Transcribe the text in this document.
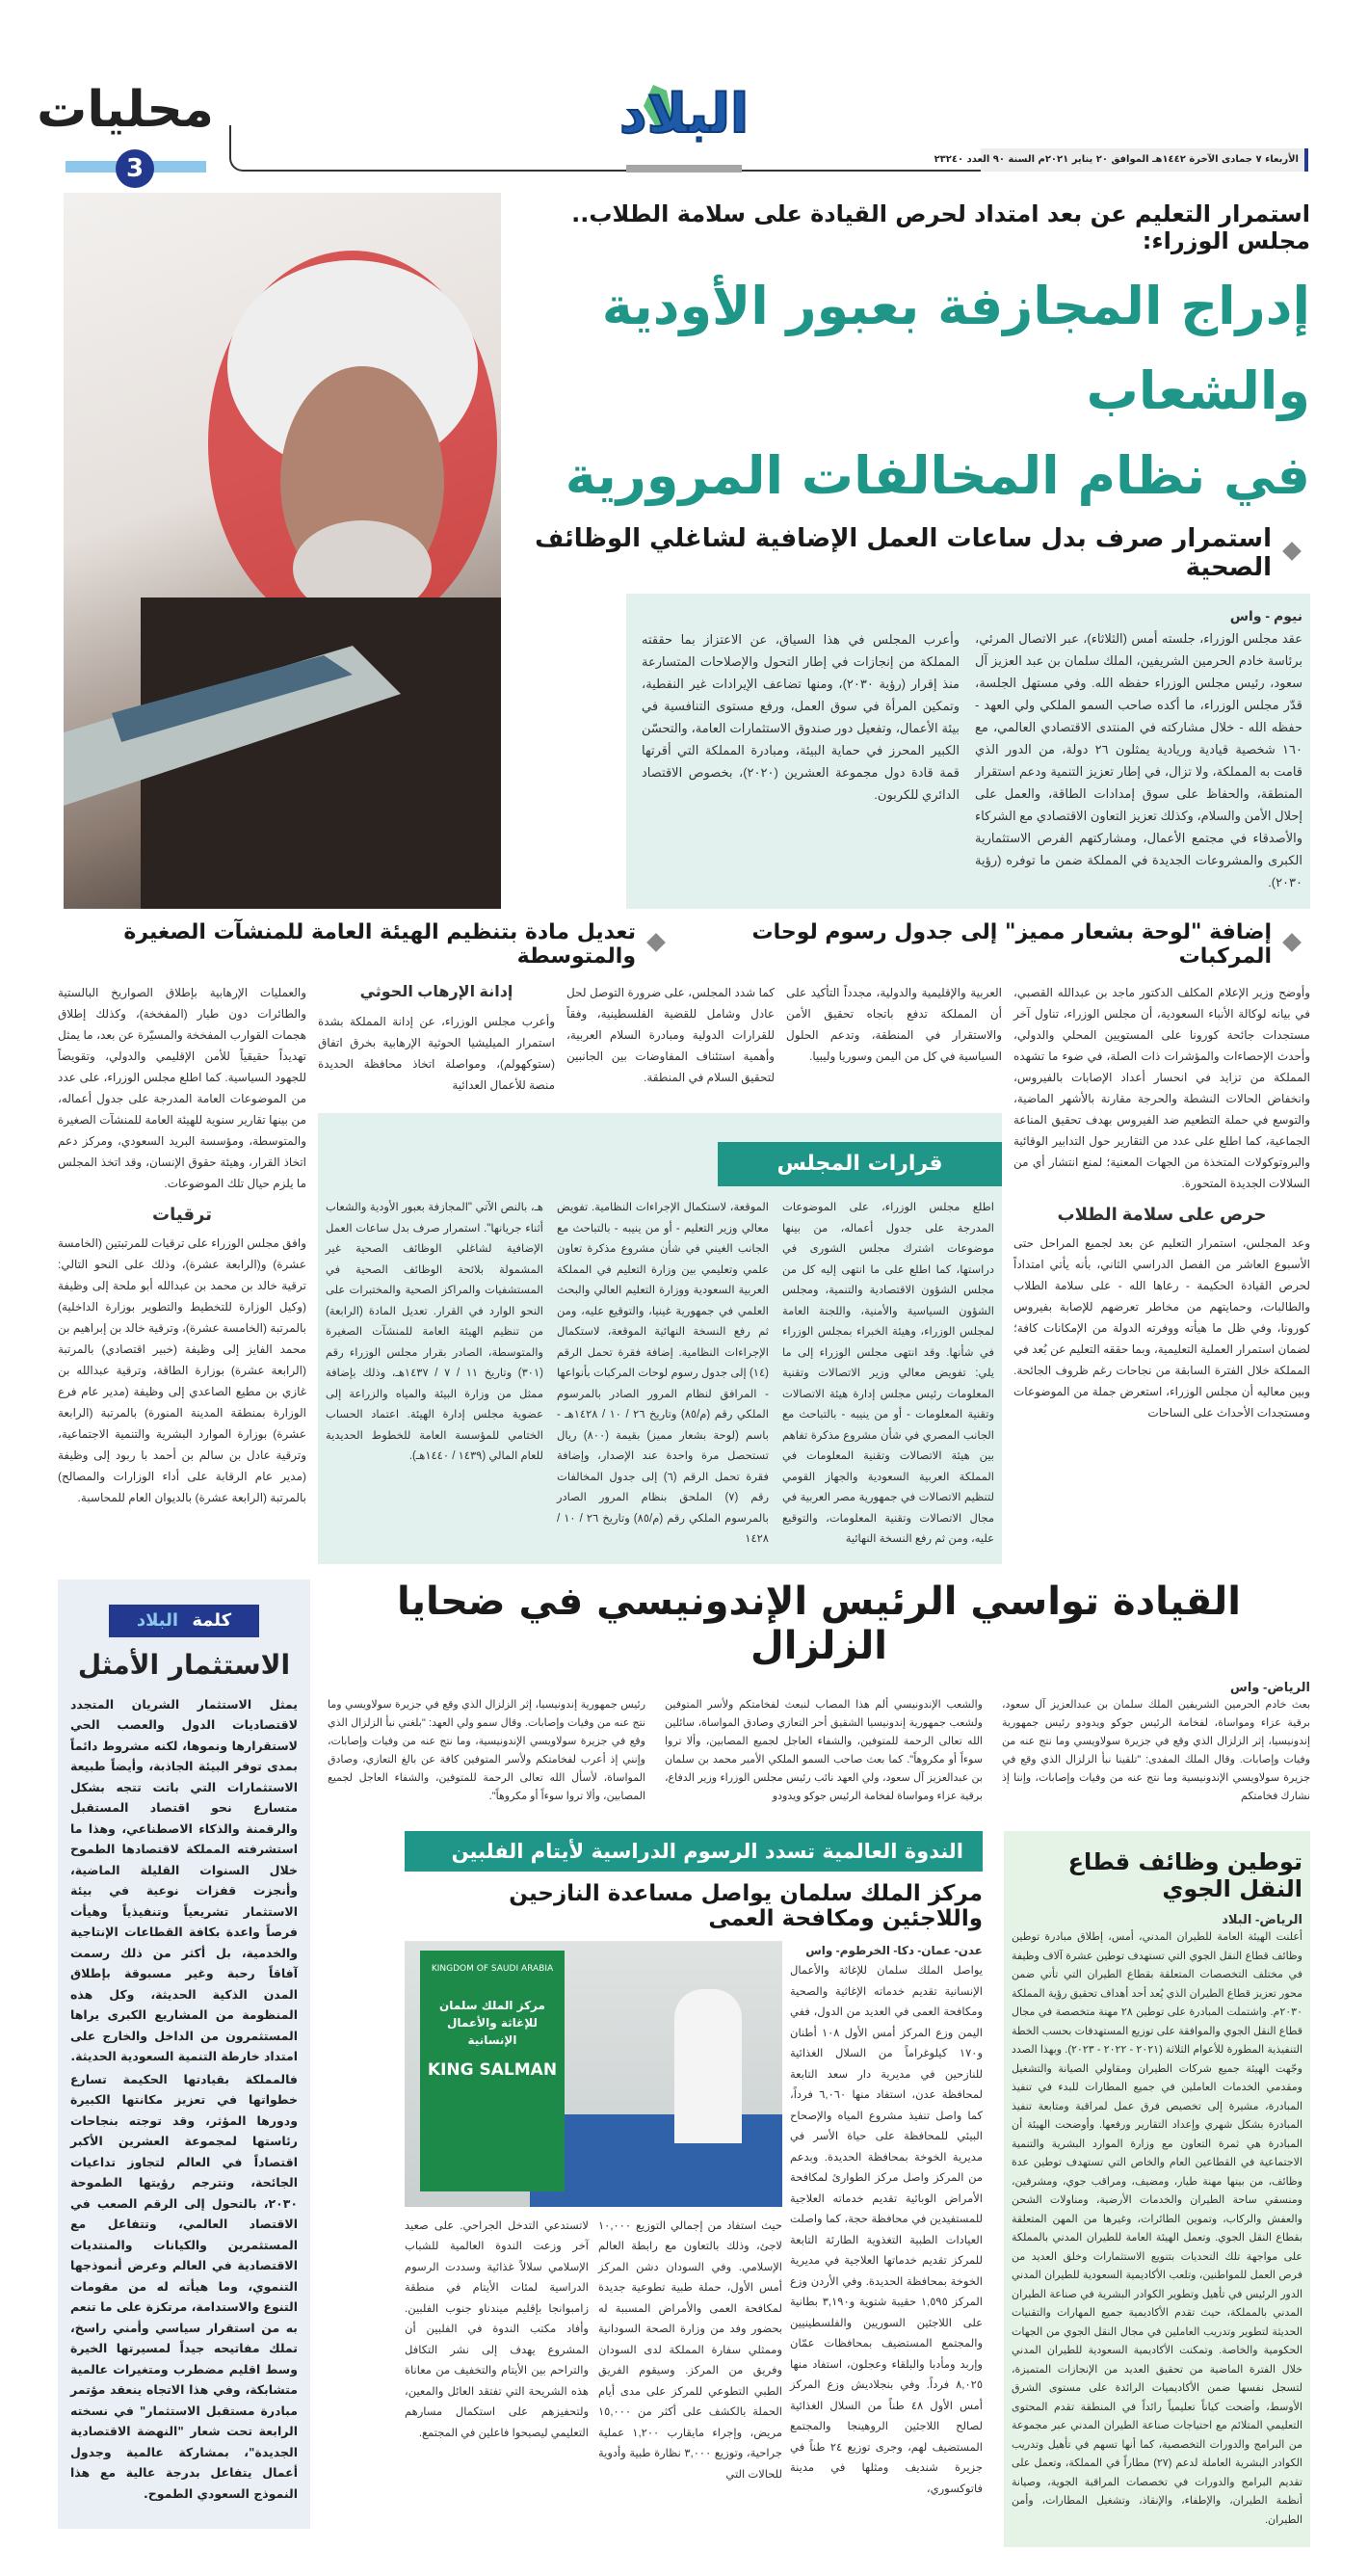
محليات
3
البلاد
الأربعاء ٧ جمادى الآخرة ١٤٤٢هـ الموافق ٢٠ يناير ٢٠٢١م السنة ٩٠ العدد ٢٣٢٤٠
استمرار التعليم عن بعد امتداد لحرص القيادة على سلامة الطلاب.. مجلس الوزراء:
إدراج المجازفة بعبور الأودية والشعاب
في نظام المخالفات المرورية
استمرار صرف بدل ساعات العمل الإضافية لشاغلي الوظائف الصحية
نيوم - واس

عقد مجلس الوزراء، جلسته أمس (الثلاثاء)، عبر الاتصال المرئي، برئاسة خادم الحرمين الشريفين، الملك سلمان بن عبد العزيز آل سعود، رئيس مجلس الوزراء حفظه الله. وفي مستهل الجلسة، قدّر مجلس الوزراء، ما أكده صاحب السمو الملكي ولي العهد - حفظه الله - خلال مشاركته في المنتدى الاقتصادي العالمي، مع ١٦٠ شخصية قيادية وريادية يمثلون ٢٦ دولة، من الدور الذي قامت به المملكة، ولا تزال، في إطار تعزيز التنمية ودعم استقرار المنطقة، والحفاظ على سوق إمدادات الطاقة، والعمل على إحلال الأمن والسلام، وكذلك تعزيز التعاون الاقتصادي مع الشركاء والأصدقاء في مجتمع الأعمال، ومشاركتهم الفرص الاستثمارية الكبرى والمشروعات الجديدة في المملكة ضمن ما توفره (رؤية ٢٠٣٠).

وأعرب المجلس في هذا السياق، عن الاعتزاز بما حققته المملكة من إنجازات في إطار التحول والإصلاحات المتسارعة منذ إقرار (رؤية ٢٠٣٠)، ومنها تضاعف الإيرادات غير النفطية، وتمكين المرأة في سوق العمل، ورفع مستوى التنافسية في بيئة الأعمال، وتفعيل دور صندوق الاستثمارات العامة، والتحسّن الكبير المحرز في حماية البيئة، ومبادرة المملكة التي أقرتها قمة قادة دول مجموعة العشرين (٢٠٢٠)، بخصوص الاقتصاد الدائري للكربون.

إضافة "لوحة بشعار مميز" إلى جدول رسوم لوحات المركبات
تعديل مادة بتنظيم الهيئة العامة للمنشآت الصغيرة والمتوسطة

وأوضح وزير الإعلام المكلف الدكتور ماجد بن عبدالله القصبي، في بيانه لوكالة الأنباء السعودية، أن مجلس الوزراء، تناول آخر مستجدات جائحة كورونا على المستويين المحلي والدولي، وأحدث الإحصاءات والمؤشرات ذات الصلة، في ضوء ما تشهده المملكة من تزايد في انحسار أعداد الإصابات بالفيروس، وانخفاض الحالات النشطة والحرجة مقارنة بالأشهر الماضية، والتوسع في حملة التطعيم ضد الفيروس بهدف تحقيق المناعة الجماعية، كما اطلع على عدد من التقارير حول التدابير الوقائية والبروتوكولات المتخذة من الجهات المعنية؛ لمنع انتشار أي من السلالات الجديدة المتحورة.

حرص على سلامة الطلاب

وعد المجلس، استمرار التعليم عن بعد لجميع المراحل حتى الأسبوع العاشر من الفصل الدراسي الثاني، بأنه يأتي امتداداً لحرص القيادة الحكيمة - رعاها الله - على سلامة الطلاب والطالبات، وحمايتهم من مخاطر تعرضهم للإصابة بفيروس كورونا، وفي ظل ما هيأته ووفرته الدولة من الإمكانات كافة؛ لضمان استمرار العملية التعليمية، وبما حققه التعليم عن بُعد في المملكة خلال الفترة السابقة من نجاحات رغم ظروف الجائحة. وبين معاليه أن مجلس الوزراء، استعرض جملة من الموضوعات ومستجدات الأحداث على الساحات

العربية والإقليمية والدولية، مجدداً التأكيد على أن المملكة تدفع باتجاه تحقيق الأمن والاستقرار في المنطقة، وتدعم الحلول السياسية في كل من اليمن وسوريا وليبيا.

كما شدد المجلس، على ضرورة التوصل لحل عادل وشامل للقضية الفلسطينية، وفقاً للقرارات الدولية ومبادرة السلام العربية، وأهمية استئناف المفاوضات بين الجانبين لتحقيق السلام في المنطقة.

إدانة الإرهاب الحوثي

وأعرب مجلس الوزراء، عن إدانة المملكة بشدة استمرار الميليشيا الحوثية الإرهابية بخرق اتفاق (ستوكهولم)، ومواصلة اتخاذ محافظة الحديدة منصة للأعمال العدائية

قرارات المجلس
اطلع مجلس الوزراء، على الموضوعات المدرجة على جدول أعماله، من بينها موضوعات اشترك مجلس الشورى في دراستها، كما اطلع على ما انتهى إليه كل من مجلس الشؤون الاقتصادية والتنمية، ومجلس الشؤون السياسية والأمنية، واللجنة العامة لمجلس الوزراء، وهيئة الخبراء بمجلس الوزراء في شأنها. وقد انتهى مجلس الوزراء إلى ما يلي: تفويض معالي وزير الاتصالات وتقنية المعلومات رئيس مجلس إدارة هيئة الاتصالات وتقنية المعلومات - أو من ينيبه - بالتباحث مع الجانب المصري في شأن مشروع مذكرة تفاهم بين هيئة الاتصالات وتقنية المعلومات في المملكة العربية السعودية والجهاز القومي لتنظيم الاتصالات في جمهورية مصر العربية في مجال الاتصالات وتقنية المعلومات، والتوقيع عليه، ومن ثم رفع النسخة النهائية
الموقعة، لاستكمال الإجراءات النظامية. تفويض معالي وزير التعليم - أو من ينيبه - بالتباحث مع الجانب الغيني في شأن مشروع مذكرة تعاون علمي وتعليمي بين وزارة التعليم في المملكة العربية السعودية ووزارة التعليم العالي والبحث العلمي في جمهورية غينيا، والتوقيع عليه، ومن ثم رفع النسخة النهائية الموقعة، لاستكمال الإجراءات النظامية. إضافة فقرة تحمل الرقم (١٤) إلى جدول رسوم لوحات المركبات بأنواعها - المرافق لنظام المرور الصادر بالمرسوم الملكي رقم (م/٨٥) وتاريخ ٢٦ / ١٠ / ١٤٢٨هـ - باسم (لوحة بشعار مميز) بقيمة (٨٠٠) ريال تستحصل مرة واحدة عند الإصدار، وإضافة فقرة تحمل الرقم (٦) إلى جدول المخالفات رقم (٧) الملحق بنظام المرور الصادر بالمرسوم الملكي رقم (م/٨٥) وتاريخ ٢٦ / ١٠ / ١٤٢٨
هـ، بالنص الآتي "المجازفة بعبور الأودية والشعاب أثناء جريانها". استمرار صرف بدل ساعات العمل الإضافية لشاغلي الوظائف الصحية غير المشمولة بلائحة الوظائف الصحية في المستشفيات والمراكز الصحية والمختبرات على النحو الوارد في القرار. تعديل المادة (الرابعة) من تنظيم الهيئة العامة للمنشآت الصغيرة والمتوسطة، الصادر بقرار مجلس الوزراء رقم (٣٠١) وتاريخ ١١ / ٧ / ١٤٣٧هـ، وذلك بإضافة ممثل من وزارة البيئة والمياه والزراعة إلى عضوية مجلس إدارة الهيئة. اعتماد الحساب الختامي للمؤسسة العامة للخطوط الحديدية للعام المالي (١٤٣٩ / ١٤٤٠هـ).

والعمليات الإرهابية بإطلاق الصواريخ البالستية والطائرات دون طيار (المفخخة)، وكذلك إطلاق هجمات القوارب المفخخة والمسيّرة عن بعد، ما يمثل تهديداً حقيقياً للأمن الإقليمي والدولي، وتقويضاً للجهود السياسية. كما اطلع مجلس الوزراء، على عدد من الموضوعات العامة المدرجة على جدول أعماله، من بينها تقارير سنوية للهيئة العامة للمنشآت الصغيرة والمتوسطة، ومؤسسة البريد السعودي، ومركز دعم اتخاذ القرار، وهيئة حقوق الإنسان، وقد اتخذ المجلس ما يلزم حيال تلك الموضوعات.

ترقيات

وافق مجلس الوزراء على ترقيات للمرتبتين (الخامسة عشرة) و(الرابعة عشرة)، وذلك على النحو التالي: ترقية خالد بن محمد بن عبدالله أبو ملحة إلى وظيفة (وكيل الوزارة للتخطيط والتطوير بوزارة الداخلية) بالمرتبة (الخامسة عشرة)، وترقية خالد بن إبراهيم بن محمد الفايز إلى وظيفة (خبير اقتصادي) بالمرتبة (الرابعة عشرة) بوزارة الطاقة، وترقية عبدالله بن غازي بن مطيع الصاعدي إلى وظيفة (مدير عام فرع الوزارة بمنطقة المدينة المنورة) بالمرتبة (الرابعة عشرة) بوزارة الموارد البشرية والتنمية الاجتماعية، وترقية عادل بن سالم بن أحمد با ربود إلى وظيفة (مدير عام الرقابة على أداء الوزارات والمصالح) بالمرتبة (الرابعة عشرة) بالديوان العام للمحاسبة.

القيادة تواسي الرئيس الإندونيسي في ضحايا الزلزال
الرياض- واس

بعث خادم الحرمين الشريفين الملك سلمان بن عبدالعزيز آل سعود، برقية عزاء ومواساة، لفخامة الرئيس جوكو ويدودو رئيس جمهورية إندونيسيا، إثر الزلزال الذي وقع في جزيرة سولاويسي وما نتج عنه من وفيات وإصابات. وقال الملك المفدى: "تلقينا نبأ الزلزال الذي وقع في جزيرة سولاويسي الإندونيسية وما نتج عنه من وفيات وإصابات، وإننا إذ نشارك فخامتكم

والشعب الإندونيسي ألم هذا المصاب لنبعث لفخامتكم ولأسر المتوفين ولشعب جمهورية إندونيسيا الشقيق أحر التعازي وصادق المواساة، سائلين الله تعالى الرحمة للمتوفين، والشفاء العاجل لجميع المصابين، وألا تروا سوءاً أو مكروهاً". كما بعث صاحب السمو الملكي الأمير محمد بن سلمان بن عبدالعزيز آل سعود، ولي العهد نائب رئيس مجلس الوزراء وزير الدفاع، برقية عزاء ومواساة لفخامة الرئيس جوكو ويدودو
رئيس جمهورية إندونيسيا، إثر الزلزال الذي وقع في جزيرة سولاويسي وما نتج عنه من وفيات وإصابات. وقال سمو ولي العهد: "بلغني نبأ الزلزال الذي وقع في جزيرة سولاويسي الإندونيسية، وما نتج عنه من وفيات وإصابات، وإنني إذ أعرب لفخامتكم ولأسر المتوفين كافة عن بالغ التعازي، وصادق المواساة، لأسأل الله تعالى الرحمة للمتوفين، والشفاء العاجل لجميع المصابين، وألا تروا سوءاً أو مكروهاً".
توطين وظائف قطاع النقل الجوي
الرياض- البلاد

أعلنت الهيئة العامة للطيران المدني، أمس، إطلاق مبادرة توطين وظائف قطاع النقل الجوي التي تستهدف توطين عشرة آلاف وظيفة في مختلف التخصصات المتعلقة بقطاع الطيران التي تأتي ضمن محور تعزيز قطاع الطيران الذي يُعد أحد أهداف تحقيق رؤية المملكة ٢٠٣٠م. واشتملت المبادرة على توطين ٢٨ مهنة متخصصة في مجال قطاع النقل الجوي والموافقة على توزيع المستهدفات بحسب الخطة التنفيذية المطورة للأعوام الثلاثة (٢٠٢١ - ٢٠٢٢ - ٢٠٢٣). وبهذا الصدد وجّهت الهيئة جميع شركات الطيران ومقاولي الصيانة والتشغيل ومقدمي الخدمات العاملين في جميع المطارات للبدء في تنفيذ المبادرة، مشيرة إلى تخصيص فرق عمل لمراقبة ومتابعة تنفيذ المبادرة بشكل شهري وإعداد التقارير ورفعها. وأوضحت الهيئة أن المبادرة هي ثمرة التعاون مع وزارة الموارد البشرية والتنمية الاجتماعية في القطاعين العام والخاص التي تستهدف توطين عدة وظائف، من بينها مهنة طيار، ومضيف، ومراقب جوي، ومشرفين، ومنسقي ساحة الطيران والخدمات الأرضية، ومناولات الشحن والعفش والركاب، وتموين الطائرات، وغيرها من المهن المتعلقة بقطاع النقل الجوي. وتعمل الهيئة العامة للطيران المدني بالمملكة على مواجهة تلك التحديات بتنويع الاستثمارات وخلق العديد من فرص العمل للمواطنين، وتلعب الأكاديمية السعودية للطيران المدني الدور الرئيس في تأهيل وتطوير الكوادر البشرية في صناعة الطيران المدني بالمملكة، حيث تقدم الأكاديمية جميع المهارات والتقنيات الحديثة لتطوير وتدريب العاملين في مجال النقل الجوي من الجهات الحكومية والخاصة. وتمكنت الأكاديمية السعودية للطيران المدني خلال الفترة الماضية من تحقيق العديد من الإنجازات المتميزة، لتسجل نفسها ضمن الأكاديميات الرائدة على مستوى الشرق الأوسط، وأضحت كياناً تعليمياً رائداً في المنطقة تقدم المحتوى التعليمي المتلائم مع احتياجات صناعة الطيران المدني عبر مجموعة من البرامج والدورات التخصصية، كما أنها تسهم في تأهيل وتدريب الكوادر البشرية العاملة لدعم (٢٧) مطاراً في المملكة، وتعمل على تقديم البرامج والدورات في تخصصات المراقبة الجوية، وصيانة أنظمة الطيران، والإطفاء، والإنقاذ، وتشغيل المطارات، وأمن الطيران.

الندوة العالمية تسدد الرسوم الدراسية لأيتام الفلبين
مركز الملك سلمان يواصل مساعدة النازحين واللاجئين ومكافحة العمى
عدن- عمان- دكا- الخرطوم- واس

يواصل الملك سلمان للإغاثة والأعمال الإنسانية تقديم خدماته الإغاثية والصحية ومكافحة العمى في العديد من الدول، ففي اليمن وزع المركز أمس الأول ١٠٨ أطنان و١٧٠ كيلوغراماً من السلال الغذائية للنازحين في مديرية دار سعد التابعة لمحافظة عدن، استفاد منها ٦,٠٦٠ فرداً، كما واصل تنفيذ مشروع المياه والإصحاح البيئي للمحافظة على حياة الأسر في مديرية الخوخة بمحافظة الحديدة. وبدعم من المركز واصل مركز الطوارئ لمكافحة الأمراض الوبائية تقديم خدماته العلاجية للمستفيدين في محافظة حجة، كما واصلت العيادات الطبية التغذوية الطارئة التابعة للمركز تقديم خدماتها العلاجية في مديرية الخوخة بمحافظة الحديدة. وفي الأردن وزع المركز ١,٥٩٥ حقيبة شتوية و٣,١٩٠ بطانية على اللاجئين السوريين والفلسطينيين والمجتمع المستضيف بمحافظات عمّان وإربد ومأدبا والبلقاء وعجلون، استفاد منها ٨,٠٢٥ فرداً. وفي بنجلاديش وزع المركز أمس الأول ٤٨ طناً من السلال الغذائية لصالح اللاجئين الروهينجا والمجتمع المستضيف لهم، وجرى توزيع ٢٤ طناً في جزيرة شنديف ومثلها في مدينة فاتوكسوري،

KINGDOM OF SAUDI ARABIA
مركز الملك سلمان للإغاثة والأعمال الإنسانية
KING SALMAN
حيث استفاد من إجمالي التوزيع ١٠,٠٠٠ لاجئ، وذلك بالتعاون مع رابطة العالم الإسلامي. وفي السودان دشن المركز أمس الأول، حملة طبية تطوعية جديدة لمكافحة العمى والأمراض المسببة له بحضور وفد من وزارة الصحة السودانية وممثلي سفارة المملكة لدى السودان وفريق من المركز. وسيقوم الفريق الطبي التطوعي للمركز على مدى أيام الحملة بالكشف على أكثر من ١٥,٠٠٠ مريض، وإجراء مايقارب ١,٢٠٠ عملية جراحية، وتوزيع ٣,٠٠٠ نظارة طبية وأدوية للحالات التي
لاتستدعي التدخل الجراحي. على صعيد آخر وزعت الندوة العالمية للشباب الإسلامي سلالاً غذائية وسددت الرسوم الدراسية لمئات الأيتام في منطقة زامبوانجا بإقليم ميندناو جنوب الفلبين. وأفاد مكتب الندوة في الفلبين أن المشروع يهدف إلى نشر التكافل والتراحم بين الأيتام والتخفيف من معاناة هذه الشريحة التي تفتقد العائل والمعين، ولتحفيزهم على استكمال مسارهم التعليمي ليصبحوا فاعلين في المجتمع.
كلمة البلاد
الاستثمار الأمثل

يمثل الاستثمار الشريان المتجدد لاقتصاديات الدول والعصب الحي لاستقرارها ونموها، لكنه مشروط دائماً بمدى توفر البيئة الجاذبة، وأيضاً طبيعة الاستثمارات التي باتت تتجه بشكل متسارع نحو اقتصاد المستقبل والرقمنة والذكاء الاصطناعي، وهذا ما استشرفته المملكة لاقتصادها الطموح خلال السنوات القليلة الماضية، وأنجزت قفزات نوعية في بيئة الاستثمار تشريعياً وتنفيذياً وهيأت فرصاً واعدة بكافة القطاعات الإنتاجية والخدمية، بل أكثر من ذلك رسمت آفاقاً رحبة وغير مسبوقة بإطلاق المدن الذكية الحديثة، وكل هذه المنظومة من المشاريع الكبرى يراها المستثمرون من الداخل والخارج على امتداد خارطة التنمية السعودية الحديثة.

فالمملكة بقيادتها الحكيمة تسارع خطواتها في تعزيز مكانتها الكبيرة ودورها المؤثر، وقد توجته بنجاحات رئاستها لمجموعة العشرين الأكبر اقتصاداً في العالم لتجاوز تداعيات الجائحة، وتترجم رؤيتها الطموحة ٢٠٣٠، بالتحول إلى الرقم الصعب في الاقتصاد العالمي، وتتفاعل مع المستثمرين والكيانات والمنتديات الاقتصادية في العالم وعرض أنموذجها التنموي، وما هيأته له من مقومات التنوع والاستدامة، مرتكزة على ما تنعم به من استقرار سياسي وأمني راسخ، تملك مفاتيحه جيداً لمسيرتها الخيرة وسط اقليم مضطرب ومتغيرات عالمية متشابكة، وفي هذا الاتجاه ينعقد مؤتمر مبادرة مستقبل الاستثمار" في نسخته الرابعة تحت شعار "النهضة الاقتصادية الجديدة"، بمشاركة عالمية وجدول أعمال يتفاعل بدرجة عالية مع هذا النموذج السعودي الطموح.
